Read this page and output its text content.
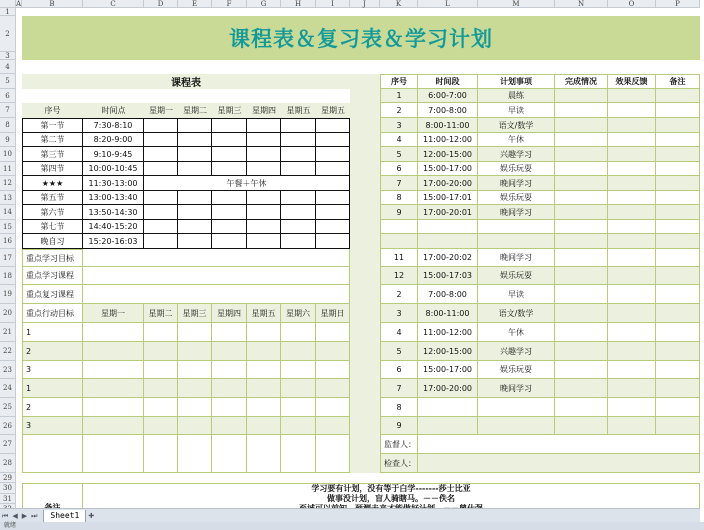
A	B	C	D	E	F	G	H	I	J	K	L	M	N	O	P
1
2
3
4
5
6
7
8
9
10
11
12
13
14
15
16
17
18
19
20
21
22
23
24
25
26
27
28
29
30
31
课程表＆复习表＆学习计划
课程表
序号	时间点	星期一	星期二	星期三	星期四	星期五	星期五
第一节	7:30-8:10
第二节	8:20-9:00
第三节	9:10-9:45
第四节	10:00-10:45
★★★	11:30-13:00	午餐＋午休
第五节	13:00-13:40
第六节	13:50-14:30
第七节	14:40-15:20
晚自习	15:20-16:03
重点学习目标
重点学习课程
重点复习课程
重点行动目标	星期一	星期二	星期三	星期四	星期五	星期六	星期日
1
2
3
1
2
3
序号	时间段	计划事项	完成情况	效果反馈	备注
1	6:00-7:00	晨练
2	7:00-8:00	早读
3	8:00-11:00	语文/数学
4	11:00-12:00	午休
5	12:00-15:00	兴趣学习
6	15:00-17:00	娱乐玩耍
7	17:00-20:00	晚间学习
8	15:00-17:01	娱乐玩耍
9	17:00-20:01	晚间学习
11	17:00-20:02	晚间学习
12	15:00-17:03	娱乐玩耍
2	7:00-8:00	早读
3	8:00-11:00	语文/数学
4	11:00-12:00	午休
5	12:00-15:00	兴趣学习
6	15:00-17:00	娱乐玩耍
7	17:00-20:00	晚间学习
8
9
监督人：
检查人：
学习要有计划，没有等于白学-------莎士比亚
做事没计划，盲人骑瞎马。－－佚名
⏮ ◀ ▶ ⏭	Sheet1	✚
就绪
